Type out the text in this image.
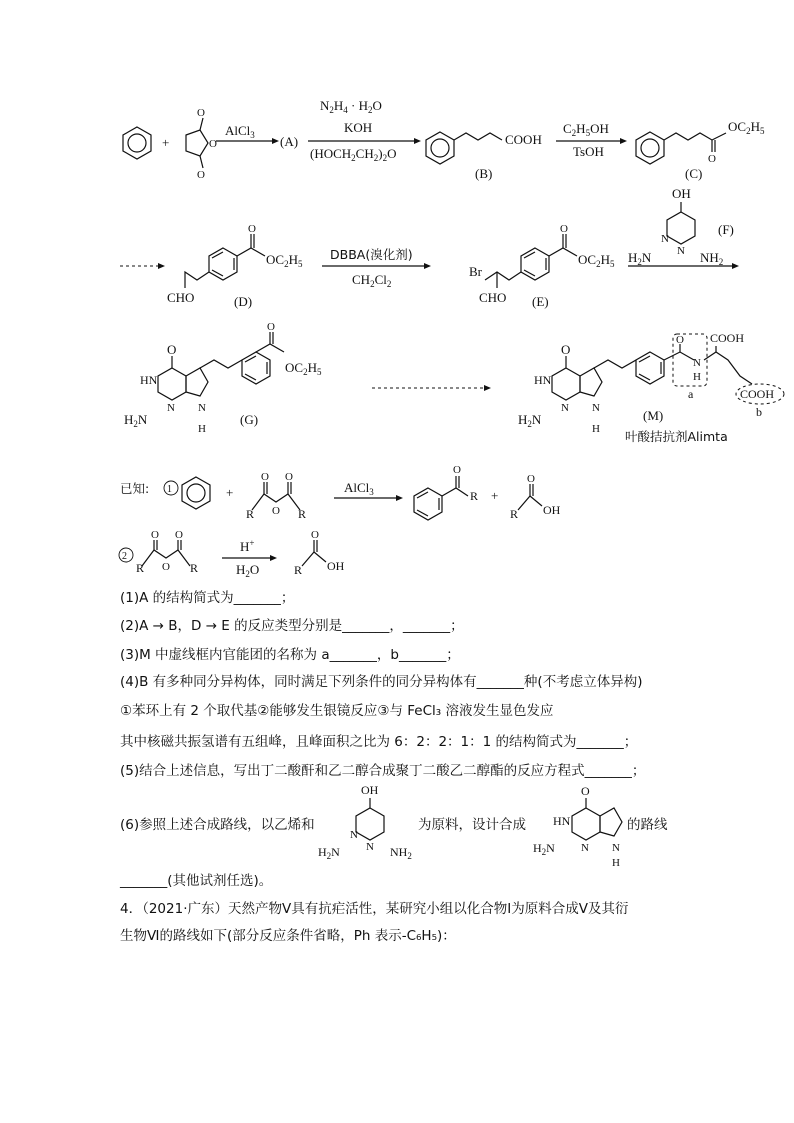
+
O
O
O
AlCl$_3$ (A)
$N_2H_4 \cdot H_2O$
KOH
$(HOCH_2CH_2)_2O$
COOH
(B)
$C_2H_5OH$
TsOH	O
$OC_2H_5$
(C)
O
$OC_2H_5$
CHO	(D)
DBBA(溴化剂)
$CH_2Cl_2$
O
$OC_2H_5$
Br
CHO (E)
OH
N
N
$H_2N$	$NH_2$
(F)
O
HN
N
$H_2N$
N
H
O
$OC_2H_5$
(G)
O
HN
N
$H_2N$
N
H
O
N
H
COOH
COOH
a
b
(M)
叶酸拮抗剂Alimta
已知: 1	+
O O
O
R	R
AlCl$_3$
O
R +
O
R OH
2
O O
O
R	R
H+
$H_2O$
O
R OH
OH
N
N
$H_2N$	$NH_2$
O
HN
N
$H_2N$	N
H
(1)A 的结构简式为_______；
(2)A → B，D → E 的反应类型分别是_______，_______；
(3)M 中虚线框内官能团的名称为 a_______，b_______；
(4)B 有多种同分异构体，同时满足下列条件的同分异构体有_______种(不考虑立体异构)
①苯环上有 2 个取代基②能够发生银镜反应③与 FeCl₃ 溶液发生显色发应
其中核磁共振氢谱有五组峰，且峰面积之比为 6：2：2：1：1 的结构简式为_______；
(5)结合上述信息，写出丁二酸酐和乙二醇合成聚丁二酸乙二醇酯的反应方程式_______；
(6)参照上述合成路线，以乙烯和	为原料，设计合成	的路线
_______(其他试剂任选)。
4．（2021·广东）天然产物Ⅴ具有抗疟活性，某研究小组以化合物Ⅰ为原料合成Ⅴ及其衍
生物Ⅵ的路线如下(部分反应条件省略，Ph 表示-C₆H₅)：
